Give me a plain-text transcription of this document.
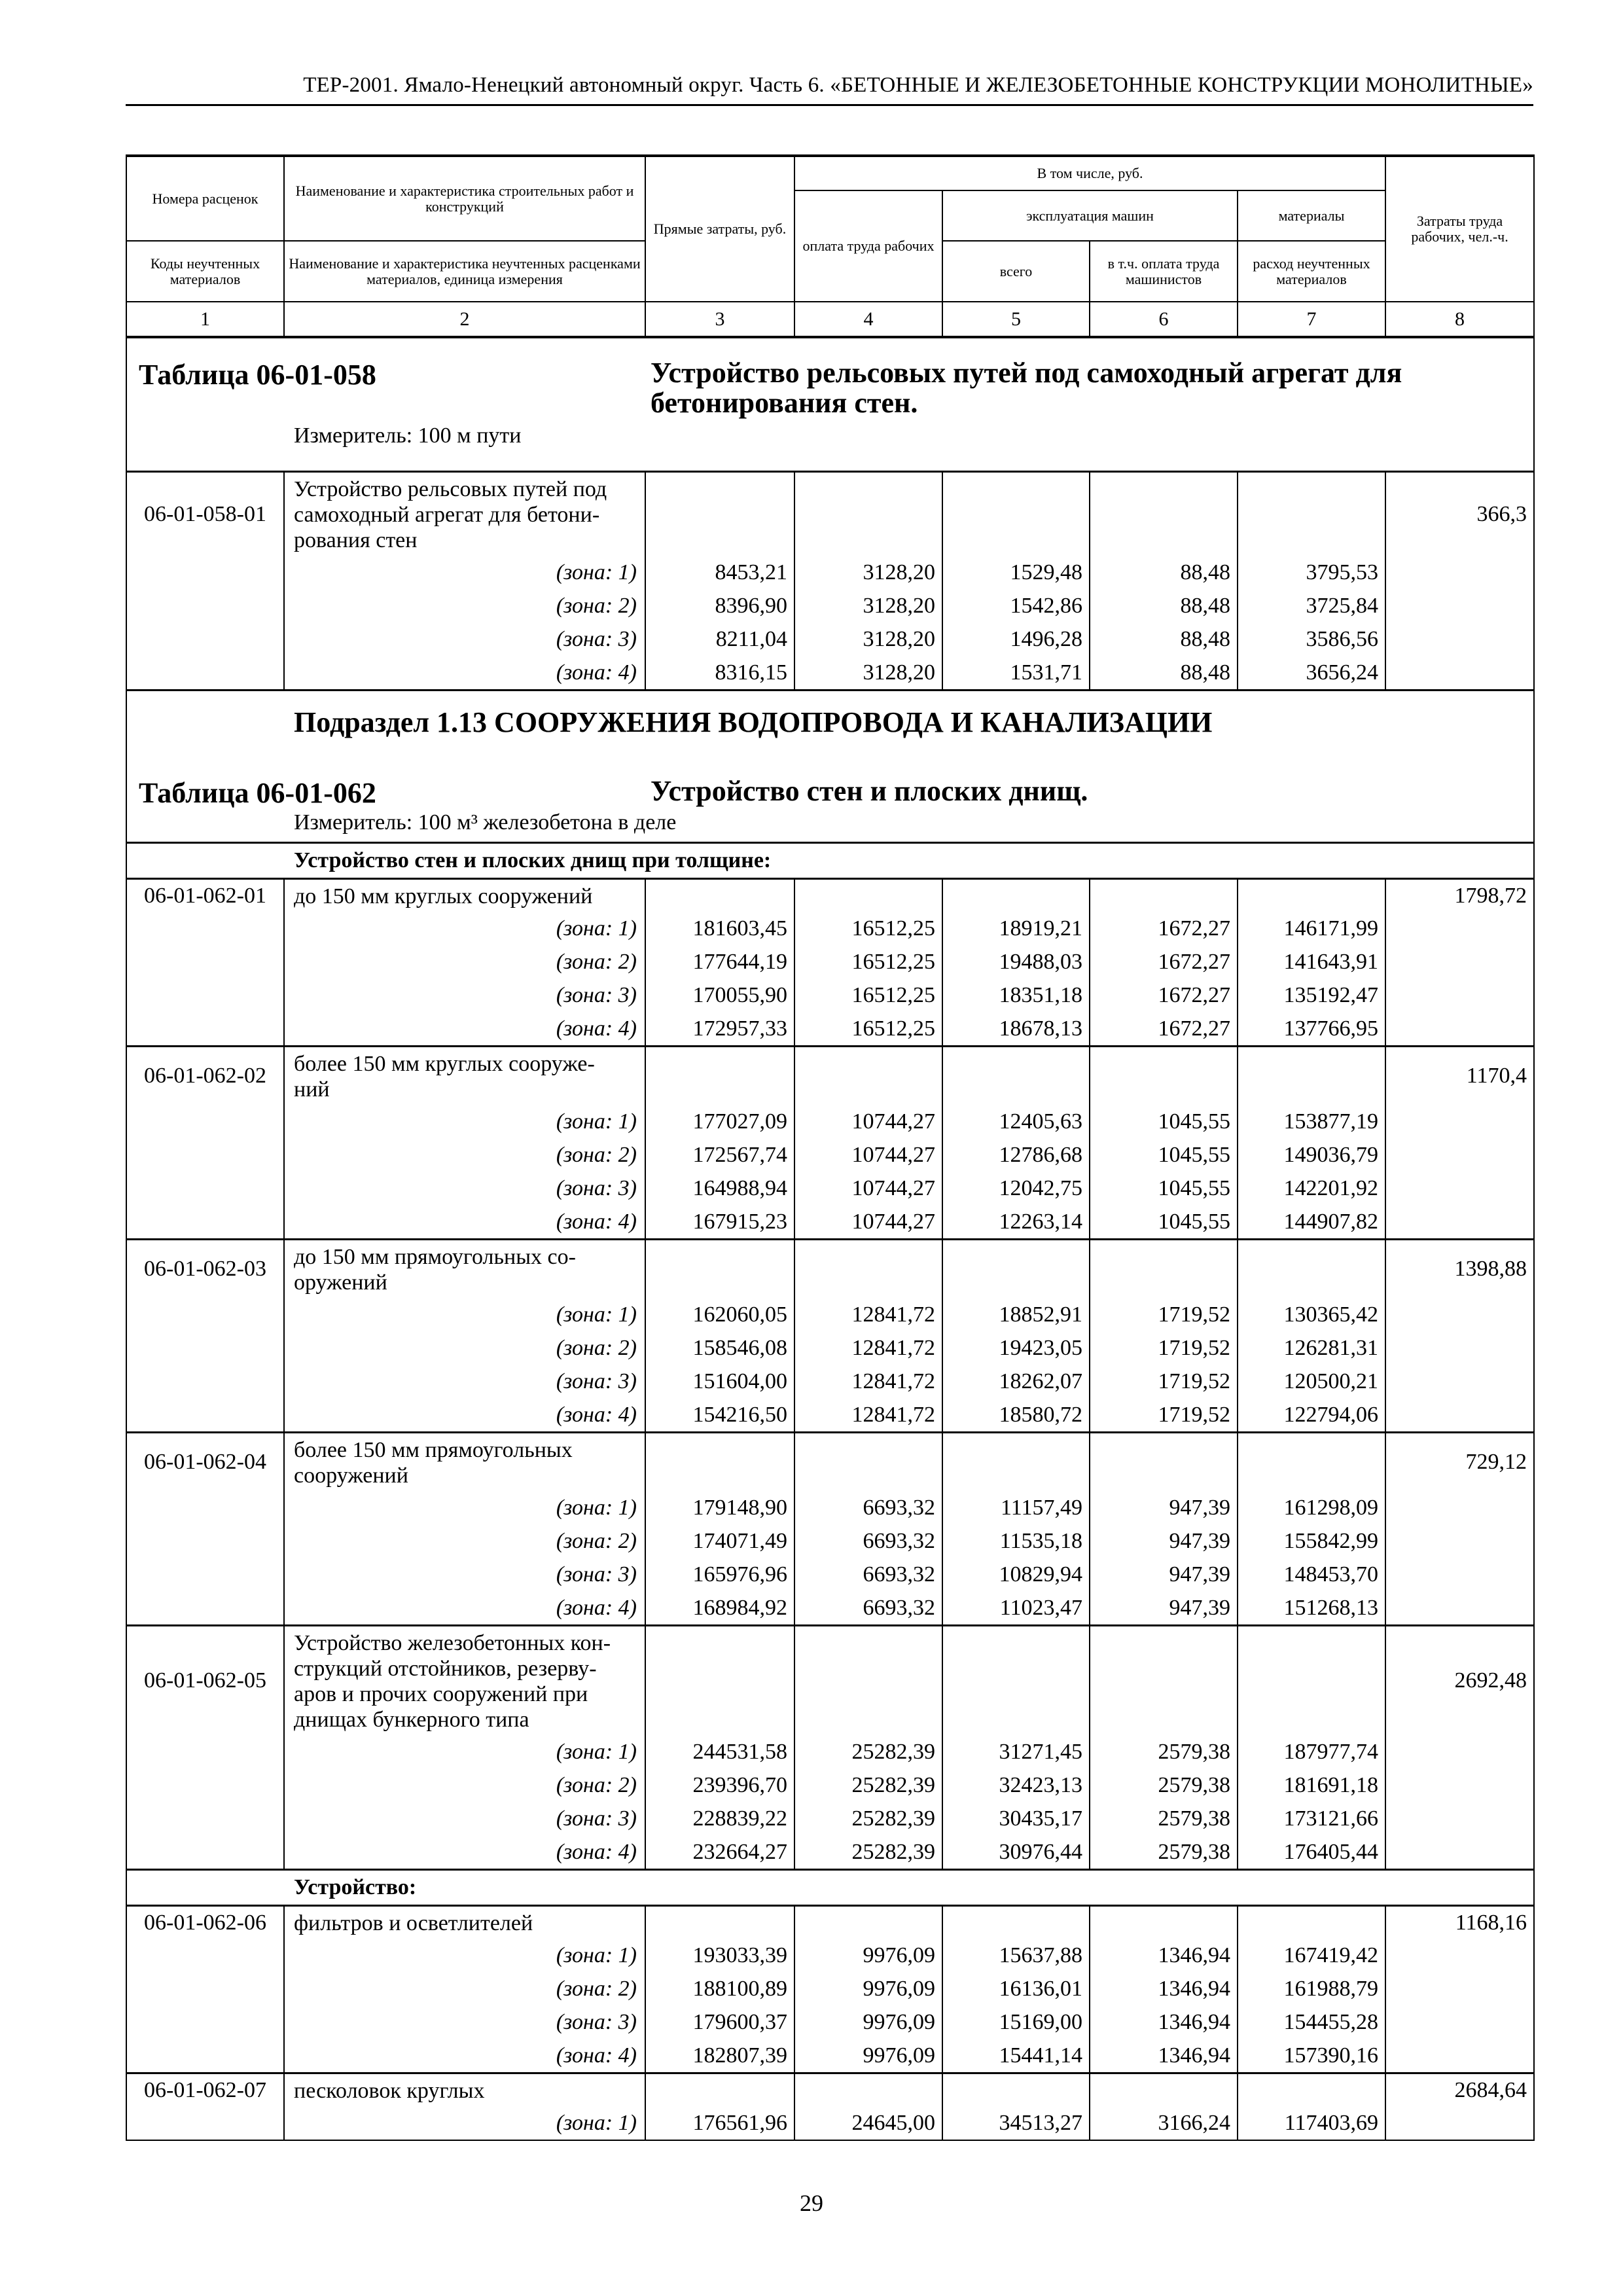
ТЕР-2001. Ямало-Ненецкий автономный округ. Часть 6. «БЕТОННЫЕ И ЖЕЛЕЗОБЕТОННЫЕ КОНСТРУКЦИИ МОНОЛИТНЫЕ»
Номера расценок	Наименование и характеристика строительных работ и конструкций	Прямые затраты, руб.	В том числе, руб.				Затраты труда рабочих, чел.-ч.
			оплата труда рабочих	эксплуатация машин		материалы	
Коды неучтенных материалов	Наименование и характеристика неучтенных расценками материалов, единица измерения			всего	в т.ч. оплата труда машинистов	расход неучтенных материалов	
1	2	3	4	5	6	7	8

Таблица 06-01-058 Устройство рельсовых путей под самоходный агрегат для бетонирования стен.
Измеритель: 100 м пути							

06-01-058-01	Устройство рельсовых путей под
самоходный агрегат для бетони-
рования стен						366,3
	(зона: 1)	8453,21	3128,20	1529,48	88,48	3795,53	
	(зона: 2)	8396,90	3128,20	1542,86	88,48	3725,84	
	(зона: 3)	8211,04	3128,20	1496,28	88,48	3586,56	
	(зона: 4)	8316,15	3128,20	1531,71	88,48	3656,24	

Подраздел 1.13 СООРУЖЕНИЯ ВОДОПРОВОДА И КАНАЛИЗАЦИИ
Таблица 06-01-062 Устройство стен и плоских днищ.
Измеритель: 100 м³ железобетона в деле							

Устройство стен и плоских днищ при толщине:							
06-01-062-01	до 150 мм круглых сооружений						1798,72
	(зона: 1)	181603,45	16512,25	18919,21	1672,27	146171,99	
	(зона: 2)	177644,19	16512,25	19488,03	1672,27	141643,91	
	(зона: 3)	170055,90	16512,25	18351,18	1672,27	135192,47	
	(зона: 4)	172957,33	16512,25	18678,13	1672,27	137766,95	
06-01-062-02	более 150 мм круглых сооруже-
ний						1170,4
	(зона: 1)	177027,09	10744,27	12405,63	1045,55	153877,19	
	(зона: 2)	172567,74	10744,27	12786,68	1045,55	149036,79	
	(зона: 3)	164988,94	10744,27	12042,75	1045,55	142201,92	
	(зона: 4)	167915,23	10744,27	12263,14	1045,55	144907,82	
06-01-062-03	до 150 мм прямоугольных со-
оружений						1398,88
	(зона: 1)	162060,05	12841,72	18852,91	1719,52	130365,42	
	(зона: 2)	158546,08	12841,72	19423,05	1719,52	126281,31	
	(зона: 3)	151604,00	12841,72	18262,07	1719,52	120500,21	
	(зона: 4)	154216,50	12841,72	18580,72	1719,52	122794,06	
06-01-062-04	более 150 мм прямоугольных
сооружений						729,12
	(зона: 1)	179148,90	6693,32	11157,49	947,39	161298,09	
	(зона: 2)	174071,49	6693,32	11535,18	947,39	155842,99	
	(зона: 3)	165976,96	6693,32	10829,94	947,39	148453,70	
	(зона: 4)	168984,92	6693,32	11023,47	947,39	151268,13	
06-01-062-05	Устройство железобетонных кон-
струкций отстойников, резерву-
аров и прочих сооружений при
днищах бункерного типа						2692,48
	(зона: 1)	244531,58	25282,39	31271,45	2579,38	187977,74	
	(зона: 2)	239396,70	25282,39	32423,13	2579,38	181691,18	
	(зона: 3)	228839,22	25282,39	30435,17	2579,38	173121,66	
	(зона: 4)	232664,27	25282,39	30976,44	2579,38	176405,44	
Устройство:							
06-01-062-06	фильтров и осветлителей						1168,16
	(зона: 1)	193033,39	9976,09	15637,88	1346,94	167419,42	
	(зона: 2)	188100,89	9976,09	16136,01	1346,94	161988,79	
	(зона: 3)	179600,37	9976,09	15169,00	1346,94	154455,28	
	(зона: 4)	182807,39	9976,09	15441,14	1346,94	157390,16	
06-01-062-07	песколовок круглых						2684,64
	(зона: 1)	176561,96	24645,00	34513,27	3166,24	117403,69	

29
